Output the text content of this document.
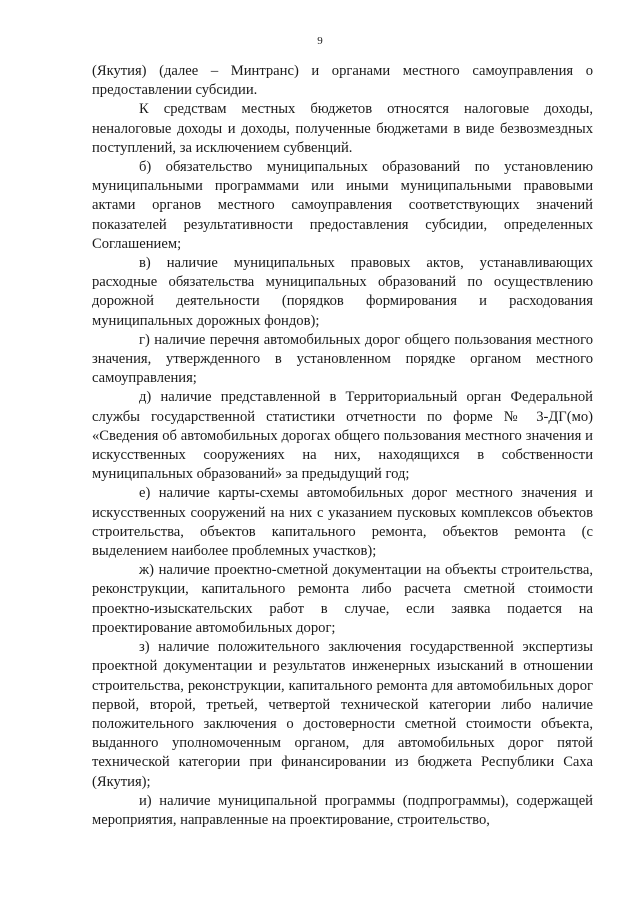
9

(Якутия) (далее – Минтранс) и органами местного самоуправления о предоставлении субсидии.

К средствам местных бюджетов относятся налоговые доходы, неналоговые доходы и доходы, полученные бюджетами в виде безвозмездных поступлений, за исключением субвенций.

б) обязательство муниципальных образований по установлению муниципальными программами или иными муниципальными правовыми актами органов местного самоуправления соответствующих значений показателей результативности предоставления субсидии, определенных Соглашением;

в) наличие муниципальных правовых актов, устанавливающих расходные обязательства муниципальных образований по осуществлению дорожной деятельности (порядков формирования и расходования муниципальных дорожных фондов);

г) наличие перечня автомобильных дорог общего пользования местного значения, утвержденного в установленном порядке органом местного самоуправления;

д) наличие представленной в Территориальный орган Федеральной службы государственной статистики отчетности по форме № 3-ДГ(мо) «Сведения об автомобильных дорогах общего пользования местного значения и искусственных сооружениях на них, находящихся в собственности муниципальных образований» за предыдущий год;

е) наличие карты-схемы автомобильных дорог местного значения и искусственных сооружений на них с указанием пусковых комплексов объектов строительства, объектов капитального ремонта, объектов ремонта (с выделением наиболее проблемных участков);

ж) наличие проектно-сметной документации на объекты строительства, реконструкции, капитального ремонта либо расчета сметной стоимости проектно-изыскательских работ в случае, если заявка подается на проектирование автомобильных дорог;

з) наличие положительного заключения государственной экспертизы проектной документации и результатов инженерных изысканий в отношении строительства, реконструкции, капитального ремонта для автомобильных дорог первой, второй, третьей, четвертой технической категории либо наличие положительного заключения о достоверности сметной стоимости объекта, выданного уполномоченным органом, для автомобильных дорог пятой технической категории при финансировании из бюджета Республики Саха (Якутия);

и) наличие муниципальной программы (подпрограммы), содержащей мероприятия, направленные на проектирование, строительство,
